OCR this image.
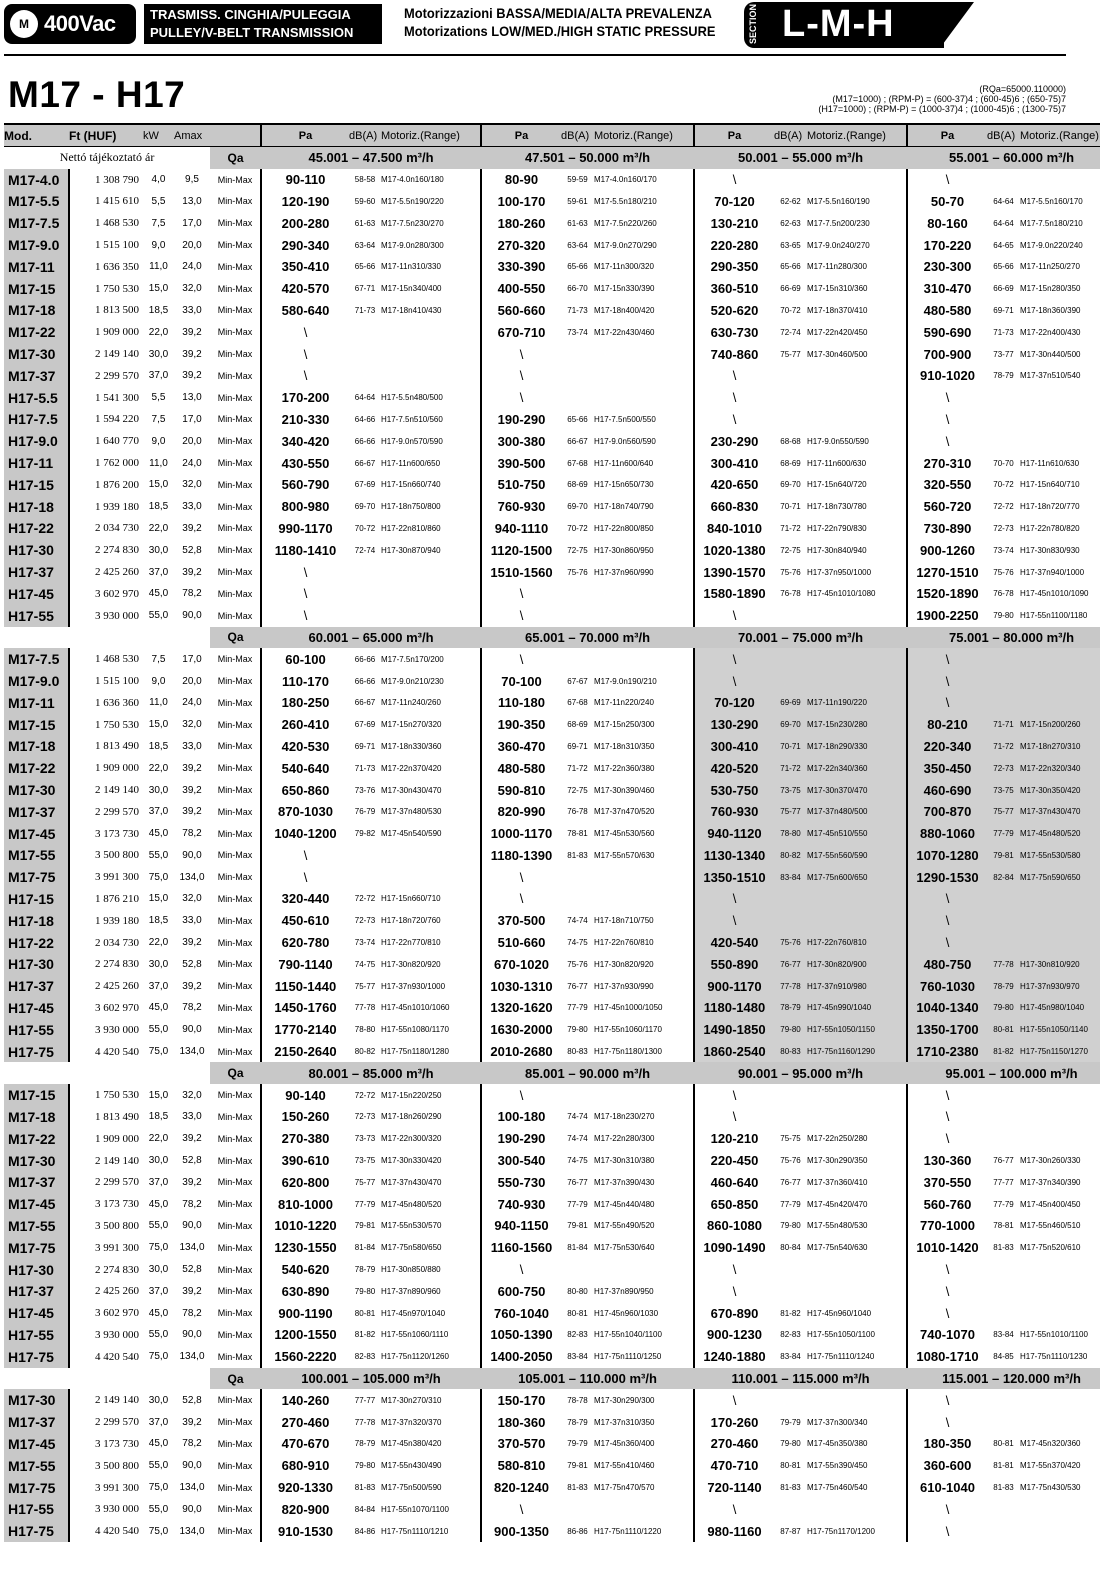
M 400Vac	TRASMISS. CINGHIA/PULEGGIA
PULLEY/V-BELT TRANSMISSION
Motorizzazioni BASSA/MEDIA/ALTA PREVALENZA
Motorizations LOW/MED./HIGH STATIC PRESSURE	SECTION L-M-H
M17 - H17	(RQa=65000.110000)
(M17=1000) ; (RPM-P) = (600-37)4 ; (600-45)6 ; (650-75)7
(H17=1000) ; (RPM-P) = (1000-37)4 ; (1000-45)6 ; (1300-75)7
Mod.	Ft (HUF)	kW	Amax		Pa	dB(A)	Motoriz.(Range)	Pa	dB(A)	Motoriz.(Range)	Pa	dB(A)	Motoriz.(Range)	Pa	dB(A)	Motoriz.(Range)
Nettó tájékoztató ár				Qa	45.001 – 47.500 m³/h			47.501 – 50.000 m³/h			50.001 – 55.000 m³/h			55.001 – 60.000 m³/h		
M17-4.0	1 308 790	4,0	9,5	Min-Max	90-110	58-58	M17-4.0n160/180	80-90	59-59	M17-4.0n160/170	\			\		
M17-5.5	1 415 610	5,5	13,0	Min-Max	120-190	59-60	M17-5.5n190/220	100-170	59-61	M17-5.5n180/210	70-120	62-62	M17-5.5n160/190	50-70	64-64	M17-5.5n160/170
M17-7.5	1 468 530	7,5	17,0	Min-Max	200-280	61-63	M17-7.5n230/270	180-260	61-63	M17-7.5n220/260	130-210	62-63	M17-7.5n200/230	80-160	64-64	M17-7.5n180/210
M17-9.0	1 515 100	9,0	20,0	Min-Max	290-340	63-64	M17-9.0n280/300	270-320	63-64	M17-9.0n270/290	220-280	63-65	M17-9.0n240/270	170-220	64-65	M17-9.0n220/240
M17-11	1 636 350	11,0	24,0	Min-Max	350-410	65-66	M17-11n310/330	330-390	65-66	M17-11n300/320	290-350	65-66	M17-11n280/300	230-300	65-66	M17-11n250/270
M17-15	1 750 530	15,0	32,0	Min-Max	420-570	67-71	M17-15n340/400	400-550	66-70	M17-15n330/390	360-510	66-69	M17-15n310/360	310-470	66-69	M17-15n280/350
M17-18	1 813 500	18,5	33,0	Min-Max	580-640	71-73	M17-18n410/430	560-660	71-73	M17-18n400/420	520-620	70-72	M17-18n370/410	480-580	69-71	M17-18n360/390
M17-22	1 909 000	22,0	39,2	Min-Max	\			670-710	73-74	M17-22n430/460	630-730	72-74	M17-22n420/450	590-690	71-73	M17-22n400/430
M17-30	2 149 140	30,0	39,2	Min-Max	\			\			740-860	75-77	M17-30n460/500	700-900	73-77	M17-30n440/500
M17-37	2 299 570	37,0	39,2	Min-Max	\			\			\			910-1020	78-79	M17-37n510/540
H17-5.5	1 541 300	5,5	13,0	Min-Max	170-200	64-64	H17-5.5n480/500	\			\			\		
H17-7.5	1 594 220	7,5	17,0	Min-Max	210-330	64-66	H17-7.5n510/560	190-290	65-66	H17-7.5n500/550	\			\		
H17-9.0	1 640 770	9,0	20,0	Min-Max	340-420	66-66	H17-9.0n570/590	300-380	66-67	H17-9.0n560/590	230-290	68-68	H17-9.0n550/590	\		
H17-11	1 762 000	11,0	24,0	Min-Max	430-550	66-67	H17-11n600/650	390-500	67-68	H17-11n600/640	300-410	68-69	H17-11n600/630	270-310	70-70	H17-11n610/630
H17-15	1 876 200	15,0	32,0	Min-Max	560-790	67-69	H17-15n660/740	510-750	68-69	H17-15n650/730	420-650	69-70	H17-15n640/720	320-550	70-72	H17-15n640/710
H17-18	1 939 180	18,5	33,0	Min-Max	800-980	69-70	H17-18n750/800	760-930	69-70	H17-18n740/790	660-830	70-71	H17-18n730/780	560-720	72-72	H17-18n720/770
H17-22	2 034 730	22,0	39,2	Min-Max	990-1170	70-72	H17-22n810/860	940-1110	70-72	H17-22n800/850	840-1010	71-72	H17-22n790/830	730-890	72-73	H17-22n780/820
H17-30	2 274 830	30,0	52,8	Min-Max	1180-1410	72-74	H17-30n870/940	1120-1500	72-75	H17-30n860/950	1020-1380	72-75	H17-30n840/940	900-1260	73-74	H17-30n830/930
H17-37	2 425 260	37,0	39,2	Min-Max	\			1510-1560	75-76	H17-37n960/990	1390-1570	75-76	H17-37n950/1000	1270-1510	75-76	H17-37n940/1000
H17-45	3 602 970	45,0	78,2	Min-Max	\			\			1580-1890	76-78	H17-45n1010/1080	1520-1890	76-78	H17-45n1010/1090
H17-55	3 930 000	55,0	90,0	Min-Max	\			\			\			1900-2250	79-80	H17-55n1100/1180
				Qa	60.001 – 65.000 m³/h			65.001 – 70.000 m³/h			70.001 – 75.000 m³/h			75.001 – 80.000 m³/h		
M17-7.5	1 468 530	7,5	17,0	Min-Max	60-100	66-66	M17-7.5n170/200	\			\			\		
M17-9.0	1 515 100	9,0	20,0	Min-Max	110-170	66-66	M17-9.0n210/230	70-100	67-67	M17-9.0n190/210	\			\		
M17-11	1 636 360	11,0	24,0	Min-Max	180-250	66-67	M17-11n240/260	110-180	67-68	M17-11n220/240	70-120	69-69	M17-11n190/220	\		
M17-15	1 750 530	15,0	32,0	Min-Max	260-410	67-69	M17-15n270/320	190-350	68-69	M17-15n250/300	130-290	69-70	M17-15n230/280	80-210	71-71	M17-15n200/260
M17-18	1 813 490	18,5	33,0	Min-Max	420-530	69-71	M17-18n330/360	360-470	69-71	M17-18n310/350	300-410	70-71	M17-18n290/330	220-340	71-72	M17-18n270/310
M17-22	1 909 000	22,0	39,2	Min-Max	540-640	71-73	M17-22n370/420	480-580	71-72	M17-22n360/380	420-520	71-72	M17-22n340/360	350-450	72-73	M17-22n320/340
M17-30	2 149 140	30,0	39,2	Min-Max	650-860	73-76	M17-30n430/470	590-810	72-75	M17-30n390/460	530-750	73-75	M17-30n370/470	460-690	73-75	M17-30n350/420
M17-37	2 299 570	37,0	39,2	Min-Max	870-1030	76-79	M17-37n480/530	820-990	76-78	M17-37n470/520	760-930	75-77	M17-37n480/500	700-870	75-77	M17-37n430/470
M17-45	3 173 730	45,0	78,2	Min-Max	1040-1200	79-82	M17-45n540/590	1000-1170	78-81	M17-45n530/560	940-1120	78-80	M17-45n510/550	880-1060	77-79	M17-45n480/520
M17-55	3 500 800	55,0	90,0	Min-Max	\			1180-1390	81-83	M17-55n570/630	1130-1340	80-82	M17-55n560/590	1070-1280	79-81	M17-55n530/580
M17-75	3 991 300	75,0	134,0	Min-Max	\			\			1350-1510	83-84	M17-75n600/650	1290-1530	82-84	M17-75n590/650
H17-15	1 876 210	15,0	32,0	Min-Max	320-440	72-72	H17-15n660/710	\			\			\		
H17-18	1 939 180	18,5	33,0	Min-Max	450-610	72-73	H17-18n720/760	370-500	74-74	H17-18n710/750	\			\		
H17-22	2 034 730	22,0	39,2	Min-Max	620-780	73-74	H17-22n770/810	510-660	74-75	H17-22n760/810	420-540	75-76	H17-22n760/810	\		
H17-30	2 274 830	30,0	52,8	Min-Max	790-1140	74-75	H17-30n820/920	670-1020	75-76	H17-30n820/920	550-890	76-77	H17-30n820/900	480-750	77-78	H17-30n810/920
H17-37	2 425 260	37,0	39,2	Min-Max	1150-1440	75-77	H17-37n930/1000	1030-1310	76-77	H17-37n930/990	900-1170	77-78	H17-37n910/980	760-1030	78-79	H17-37n930/970
H17-45	3 602 970	45,0	78,2	Min-Max	1450-1760	77-78	H17-45n1010/1060	1320-1620	77-79	H17-45n1000/1050	1180-1480	78-79	H17-45n990/1040	1040-1340	79-80	H17-45n980/1040
H17-55	3 930 000	55,0	90,0	Min-Max	1770-2140	78-80	H17-55n1080/1170	1630-2000	79-80	H17-55n1060/1170	1490-1850	79-80	H17-55n1050/1150	1350-1700	80-81	H17-55n1050/1140
H17-75	4 420 540	75,0	134,0	Min-Max	2150-2640	80-82	H17-75n1180/1280	2010-2680	80-83	H17-75n1180/1300	1860-2540	80-83	H17-75n1160/1290	1710-2380	81-82	H17-75n1150/1270
				Qa	80.001 – 85.000 m³/h			85.001 – 90.000 m³/h			90.001 – 95.000 m³/h			95.001 – 100.000 m³/h		
M17-15	1 750 530	15,0	32,0	Min-Max	90-140	72-72	M17-15n220/250	\			\			\		
M17-18	1 813 490	18,5	33,0	Min-Max	150-260	72-73	M17-18n260/290	100-180	74-74	M17-18n230/270	\			\		
M17-22	1 909 000	22,0	39,2	Min-Max	270-380	73-73	M17-22n300/320	190-290	74-74	M17-22n280/300	120-210	75-75	M17-22n250/280	\		
M17-30	2 149 140	30,0	52,8	Min-Max	390-610	73-75	M17-30n330/420	300-540	74-75	M17-30n310/380	220-450	75-76	M17-30n290/350	130-360	76-77	M17-30n260/330
M17-37	2 299 570	37,0	39,2	Min-Max	620-800	75-77	M17-37n430/470	550-730	76-77	M17-37n390/430	460-640	76-77	M17-37n360/410	370-550	77-77	M17-37n340/390
M17-45	3 173 730	45,0	78,2	Min-Max	810-1000	77-79	M17-45n480/520	740-930	77-79	M17-45n440/480	650-850	77-79	M17-45n420/470	560-760	77-79	M17-45n400/450
M17-55	3 500 800	55,0	90,0	Min-Max	1010-1220	79-81	M17-55n530/570	940-1150	79-81	M17-55n490/520	860-1080	79-80	M17-55n480/530	770-1000	78-81	M17-55n460/510
M17-75	3 991 300	75,0	134,0	Min-Max	1230-1550	81-84	M17-75n580/650	1160-1560	81-84	M17-75n530/640	1090-1490	80-84	M17-75n540/630	1010-1420	81-83	M17-75n520/610
H17-30	2 274 830	30,0	52,8	Min-Max	540-620	78-79	H17-30n850/880	\			\			\		
H17-37	2 425 260	37,0	39,2	Min-Max	630-890	79-80	H17-37n890/960	600-750	80-80	H17-37n890/950	\			\		
H17-45	3 602 970	45,0	78,2	Min-Max	900-1190	80-81	H17-45n970/1040	760-1040	80-81	H17-45n960/1030	670-890	81-82	H17-45n960/1040	\		
H17-55	3 930 000	55,0	90,0	Min-Max	1200-1550	81-82	H17-55n1060/1110	1050-1390	82-83	H17-55n1040/1100	900-1230	82-83	H17-55n1050/1100	740-1070	83-84	H17-55n1010/1100
H17-75	4 420 540	75,0	134,0	Min-Max	1560-2220	82-83	H17-75n1120/1260	1400-2050	83-84	H17-75n1110/1250	1240-1880	83-84	H17-75n1110/1240	1080-1710	84-85	H17-75n1110/1230
				Qa	100.001 – 105.000 m³/h			105.001 – 110.000 m³/h			110.001 – 115.000 m³/h			115.001 – 120.000 m³/h		
M17-30	2 149 140	30,0	52,8	Min-Max	140-260	77-77	M17-30n270/310	150-170	78-78	M17-30n290/300	\			\		
M17-37	2 299 570	37,0	39,2	Min-Max	270-460	77-78	M17-37n320/370	180-360	78-79	M17-37n310/350	170-260	79-79	M17-37n300/340	\		
M17-45	3 173 730	45,0	78,2	Min-Max	470-670	78-79	M17-45n380/420	370-570	79-79	M17-45n360/400	270-460	79-80	M17-45n350/380	180-350	80-81	M17-45n320/360
M17-55	3 500 800	55,0	90,0	Min-Max	680-910	79-80	M17-55n430/490	580-810	79-81	M17-55n410/460	470-710	80-81	M17-55n390/450	360-600	81-81	M17-55n370/420
M17-75	3 991 300	75,0	134,0	Min-Max	920-1330	81-83	M17-75n500/590	820-1240	81-83	M17-75n470/570	720-1140	81-83	M17-75n460/540	610-1040	81-83	M17-75n430/530
H17-55	3 930 000	55,0	90,0	Min-Max	820-900	84-84	H17-55n1070/1100	\			\			\		
H17-75	4 420 540	75,0	134,0	Min-Max	910-1530	84-86	H17-75n1110/1210	900-1350	86-86	H17-75n1110/1220	980-1160	87-87	H17-75n1170/1200	\		
